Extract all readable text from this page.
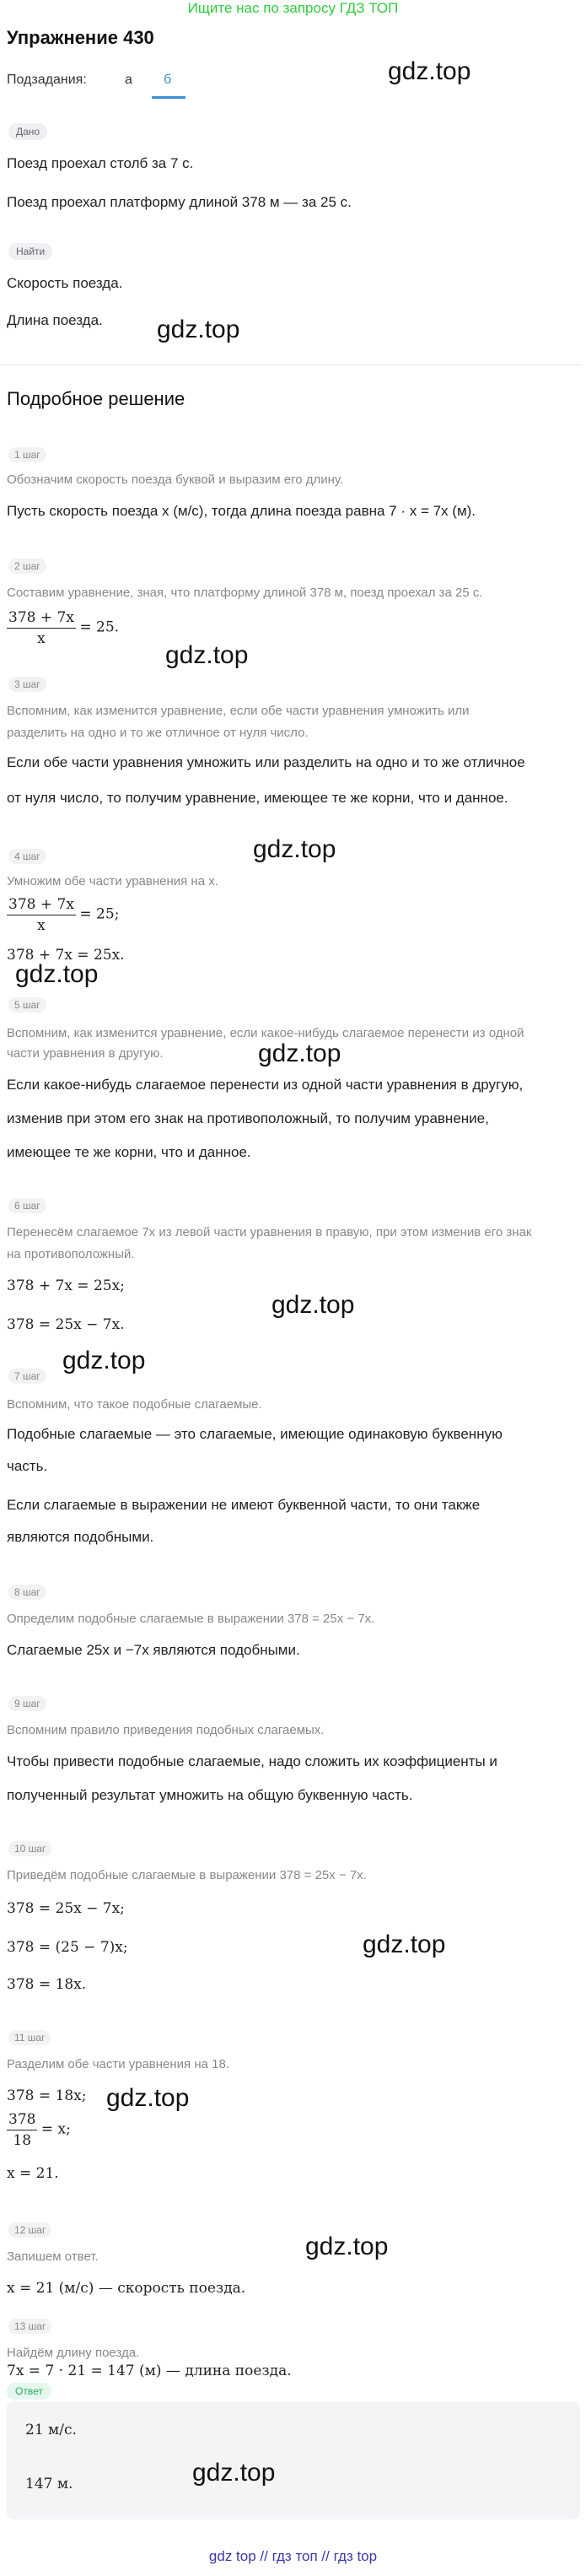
Ищите нас по запросу ГДЗ ТОП
Упражнение 430
Подзадания:	а б	gdz.top
Дано
Поезд проехал столб за 7 с.
Поезд проехал платформу длиной 378 м — за 25 с.
Найти
Скорость поезда.
Длина поезда. gdz.top
Подробное решение
1 шаг
Обозначим скорость поезда буквой и выразим его длину.
Пусть скорость поезда x (м/с), тогда длина поезда равна 7 · x = 7x (м).
2 шаг
Составим уравнение, зная, что платформу длиной 378 м, поезд проехал за 25 с.
$\frac{378 + 7x}{x} = 25$.
gdz.top
3 шаг
Вспомним, как изменится уравнение, если обе части уравнения умножить или
разделить на одно и то же отличное от нуля число.
Если обе части уравнения умножить или разделить на одно и то же отличное
от нуля число, то получим уравнение, имеющее те же корни, что и данное.
gdz.top
4 шаг
Умножим обе части уравнения на x.
$\frac{378 + 7x}{x} = 25$;
378 + 7x = 25x.
gdz.top
5 шаг
Вспомним, как изменится уравнение, если какое-нибудь слагаемое перенести из одной
части уравнения в другую.	gdz.top
Если какое-нибудь слагаемое перенести из одной части уравнения в другую,
изменив при этом его знак на противоположный, то получим уравнение,
имеющее те же корни, что и данное.
6 шаг
Перенесём слагаемое 7x из левой части уравнения в правую, при этом изменив его знак
на противоположный.
378 + 7x = 25x;
gdz.top
378 = 25x − 7x.
gdz.top
7 шаг
Вспомним, что такое подобные слагаемые.
Подобные слагаемые — это слагаемые, имеющие одинаковую буквенную
часть.
Если слагаемые в выражении не имеют буквенной части, то они также
являются подобными.
8 шаг
Определим подобные слагаемые в выражении 378 = 25x − 7x.
Слагаемые 25x и −7x являются подобными.
9 шаг
Вспомним правило приведения подобных слагаемых.
Чтобы привести подобные слагаемые, надо сложить их коэффициенты и
полученный результат умножить на общую буквенную часть.
10 шаг
Приведём подобные слагаемые в выражении 378 = 25x − 7x.
378 = 25x − 7x;
378 = (25 − 7)x;	gdz.top
378 = 18x.
11 шаг
Разделим обе части уравнения на 18.
378 = 18x; gdz.top
$\frac{378}{18} = x$;
x = 21.
12 шаг
gdz.top
Запишем ответ.
x = 21 (м/с) — скорость поезда.
13 шаг
Найдём длину поезда.
Ответ
21 м/с.
147 м.	gdz.top
gdz top // гдз топ // гдз top
7x = 7 · 21 = 147 (м) — длина поезда.
